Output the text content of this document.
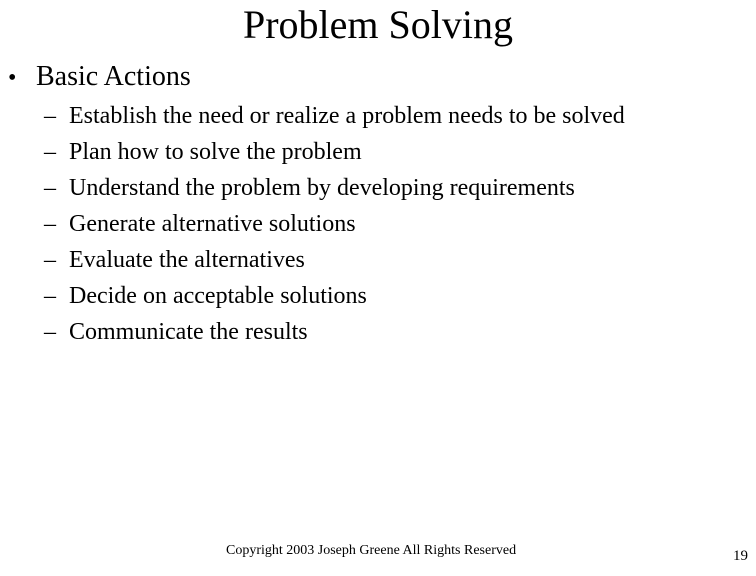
Problem Solving
• Basic Actions
– Establish the need or realize a problem needs to be solved
– Plan how to solve the problem
– Understand the problem by developing requirements
– Generate alternative solutions
– Evaluate the alternatives
– Decide on acceptable solutions
– Communicate the results
Copyright 2003 Joseph Greene All Rights Reserved	19
